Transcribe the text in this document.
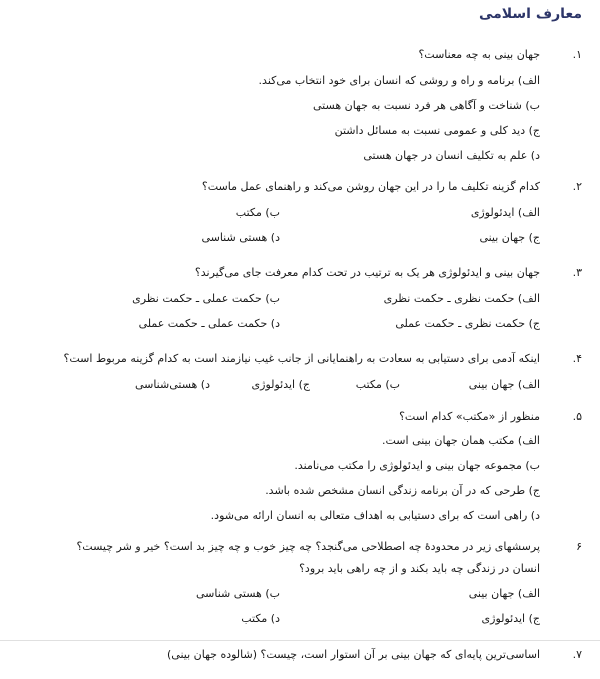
معارف اسلامی
۱.
جهان بینی به چه معناست؟
الف) برنامه و راه و روشی که انسان برای خود انتخاب می‌کند.
ب) شناخت و آگاهی هر فرد نسبت به جهان هستی
ج) دید کلی و عمومی نسبت به مسائل داشتن
د) علم به تکلیف انسان در جهان هستی
۲.
کدام گزینه تکلیف ما را در این جهان روشن می‌کند و راهنمای عمل ماست؟
الف) ایدئولوژی
ب) مکتب
ج) جهان بینی
د) هستی شناسی
۳.
جهان بینی و ایدئولوژی هر یک به ترتیب در تحت کدام معرفت جای می‌گیرند؟
الف) حکمت نظری ـ حکمت نظری
ب) حکمت عملی ـ حکمت نظری
ج) حکمت نظری ـ حکمت عملی
د) حکمت عملی ـ حکمت عملی
۴.
اینکه آدمی برای دستیابی به سعادت به راهنمایانی از جانب غیب نیازمند است به کدام گزینه مربوط است؟
الف) جهان بینی
ب) مکتب
ج) ایدئولوژی
د) هستی‌شناسی
۵.
منظور از «مکتب» کدام است؟
الف) مکتب همان جهان بینی است.
ب) مجموعه جهان بینی و ایدئولوژی را مکتب می‌نامند.
ج) طرحی که در آن برنامه زندگی انسان مشخص شده باشد.
د) راهی است که برای دستیابی به اهداف متعالی به انسان ارائه می‌شود.
۶
پرسشهای زیر در محدودهٔ چه اصطلاحی می‌گنجد؟ چه چیز خوب و چه چیز بد است؟ خیر و شر چیست؟
انسان در زندگی چه باید بکند و از چه راهی باید برود؟
الف) جهان بینی
ب) هستی شناسی
ج) ایدئولوژی
د) مکتب
۷.
اساسی‌ترین پایه‌ای که جهان بینی بر آن استوار است، چیست؟ (شالوده جهان بینی)
